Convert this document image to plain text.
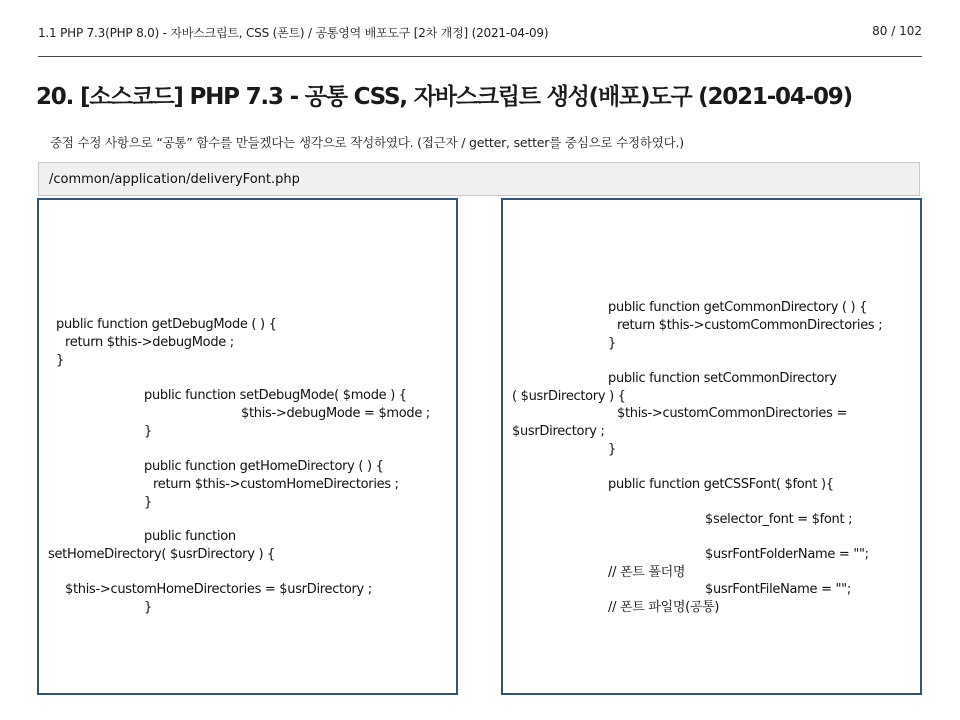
1.1 PHP 7.3(PHP 8.0) - 자바스크립트, CSS (폰트) / 공통영역 배포도구 [2차 개정] (2021-04-09)	80 / 102
20. [소스코드] PHP 7.3 - 공통 CSS, 자바스크립트 생성(배포)도구 (2021-04-09)
중점 수정 사항으로 “공통” 함수를 만들겠다는 생각으로 작성하였다. (접근자 / getter, setter를 중심으로 수정하였다.)
/common/application/deliveryFont.php
public function getDebugMode ( ) {
return $this->debugMode ;
}
public function setDebugMode( $mode ) {
$this->debugMode = $mode ;
}
public function getHomeDirectory ( ) {
return $this->customHomeDirectories ;
}
public function
setHomeDirectory( $usrDirectory ) {
$this->customHomeDirectories = $usrDirectory ;
}
public function getCommonDirectory ( ) {
return $this->customCommonDirectories ;
}
public function setCommonDirectory
( $usrDirectory ) {
$this->customCommonDirectories =
$usrDirectory ;
}
public function getCSSFont( $font ){
$selector_font = $font ;
$usrFontFolderName = "";
// 폰트 폴더명
$usrFontFileName = "";
// 폰트 파일명(공통)
